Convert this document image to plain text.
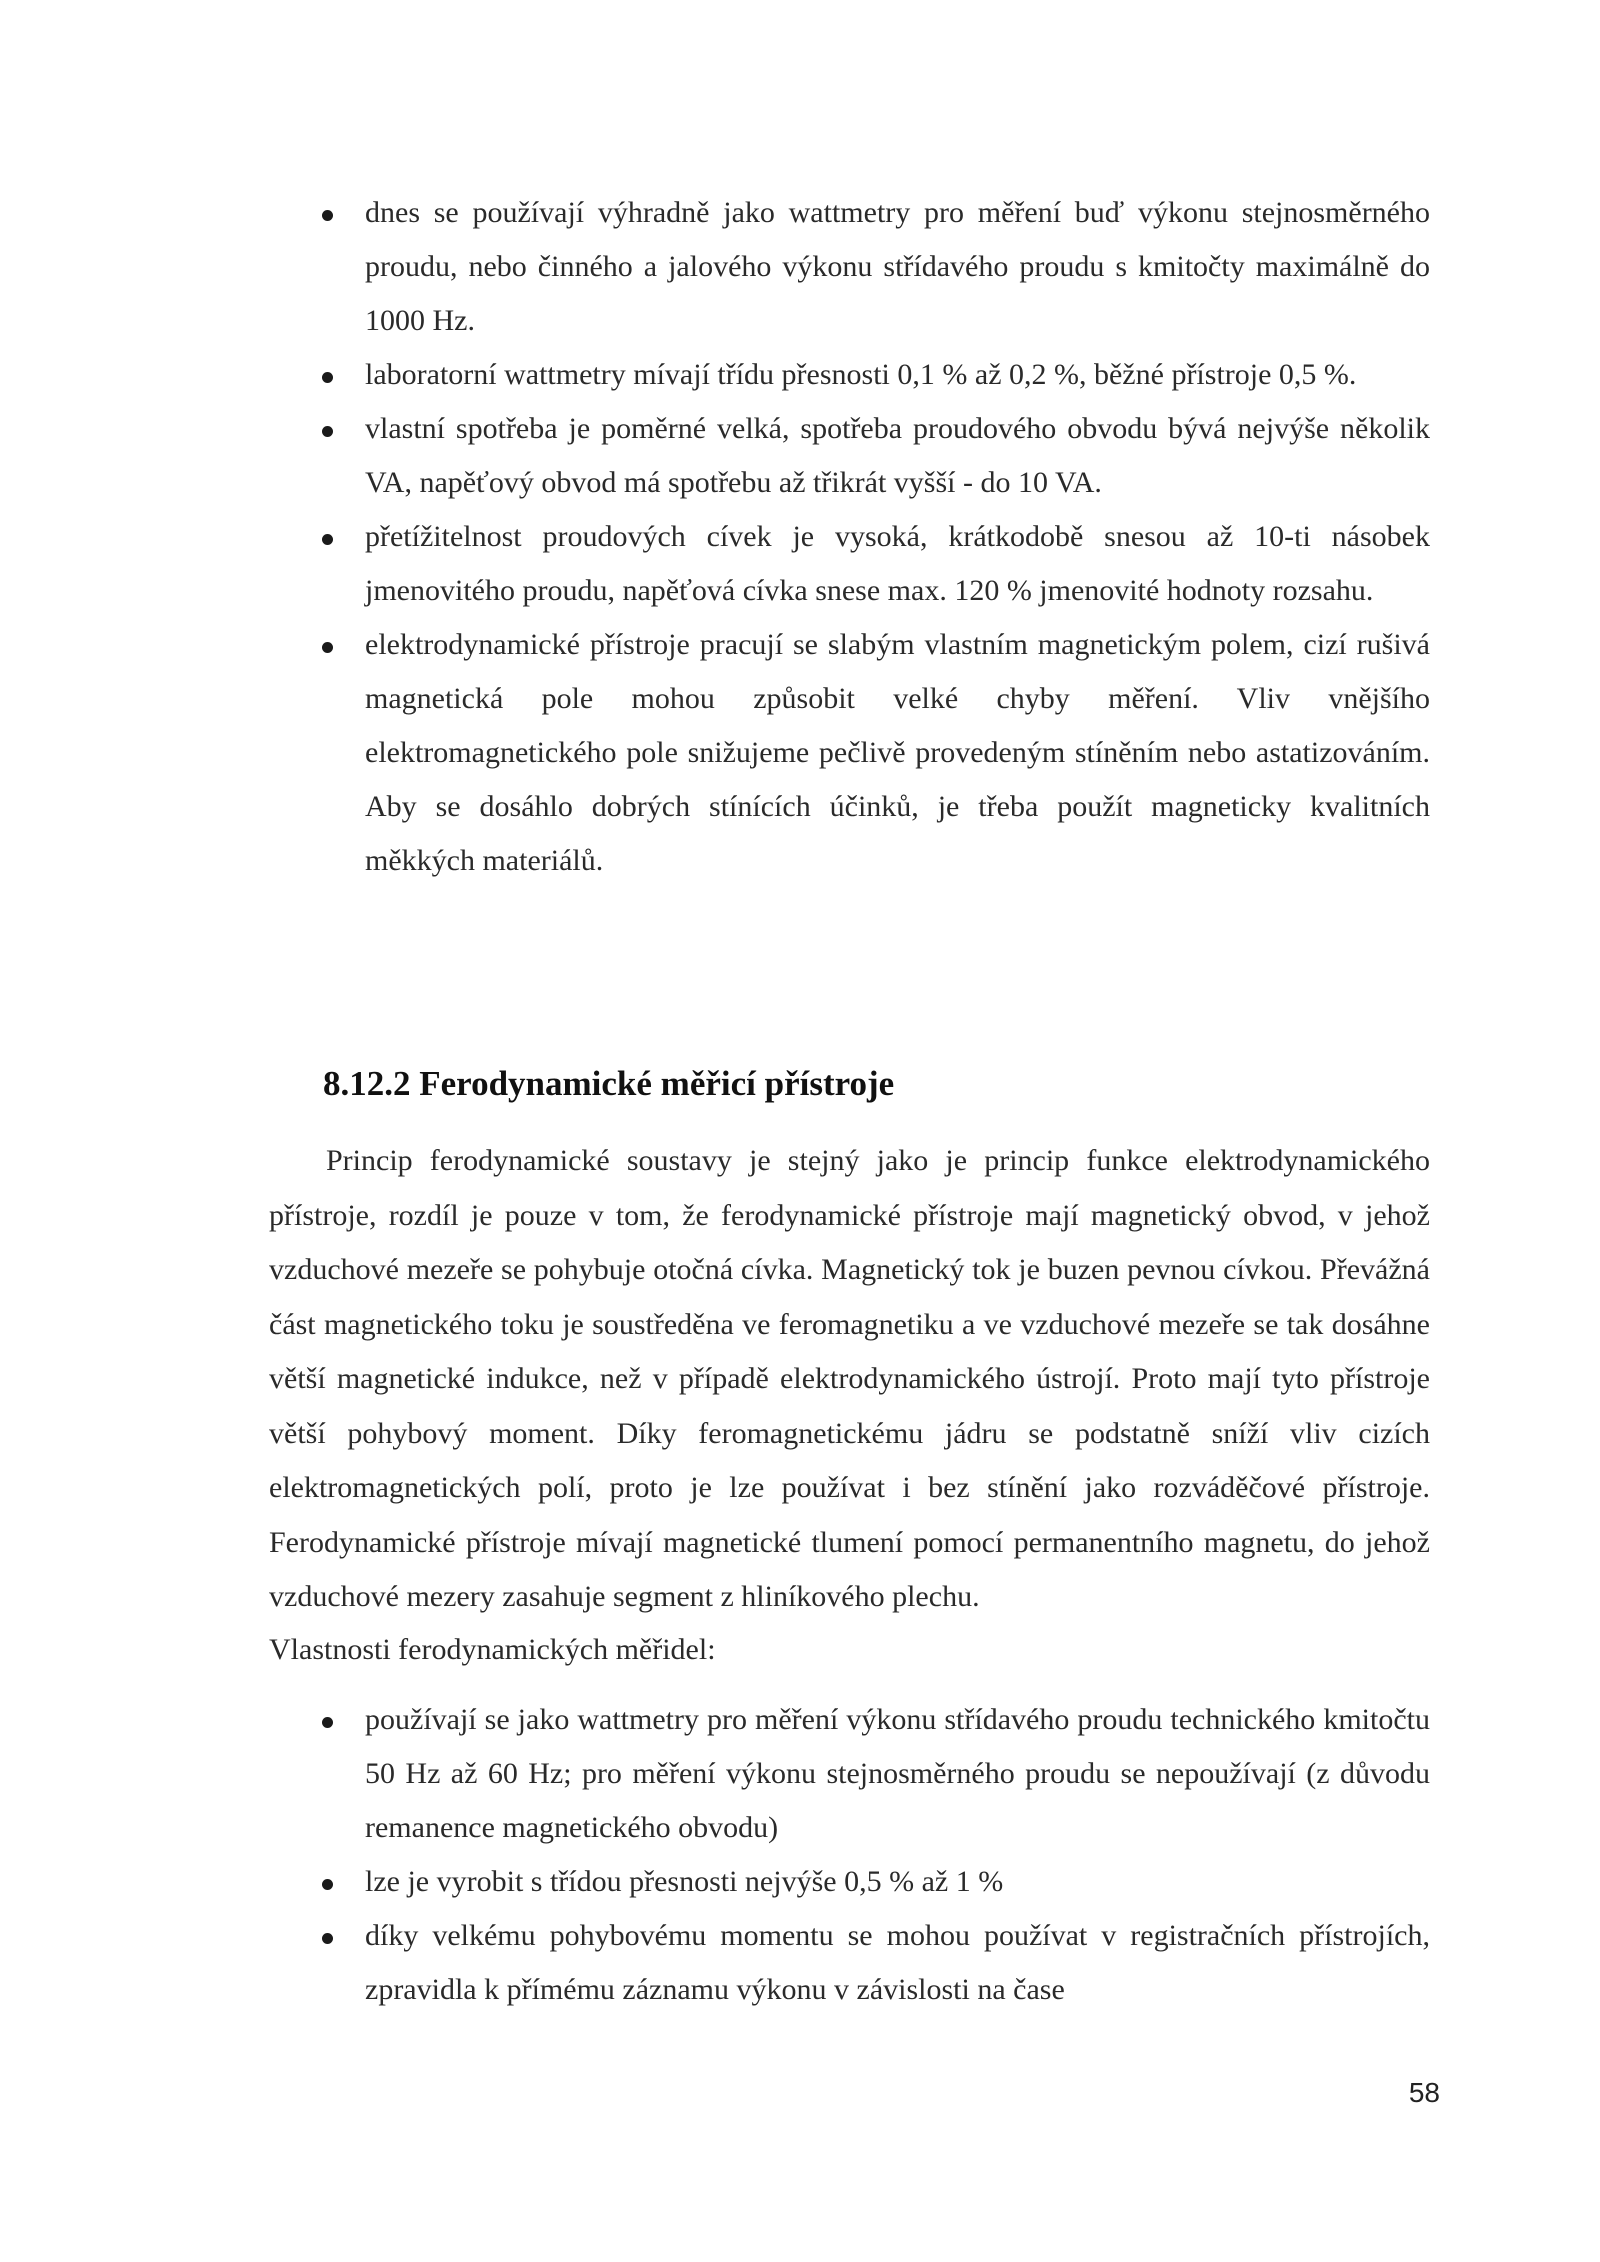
dnes se používají výhradně jako wattmetry pro měření buď výkonu stejnosměrného proudu, nebo činného a jalového výkonu střídavého proudu s kmitočty maximálně do 1000 Hz.
laboratorní wattmetry mívají třídu přesnosti 0,1 % až 0,2 %, běžné přístroje 0,5 %.
vlastní spotřeba je poměrné velká, spotřeba proudového obvodu bývá nejvýše několik VA, napěťový obvod má spotřebu až třikrát vyšší - do 10 VA.
přetížitelnost proudových cívek je vysoká, krátkodobě snesou až 10-ti násobek jmenovitého proudu, napěťová cívka snese max. 120 % jmenovité hodnoty rozsahu.
elektrodynamické přístroje pracují se slabým vlastním magnetickým polem, cizí rušivá magnetická pole mohou způsobit velké chyby měření. Vliv vnějšího elektromagnetického pole snižujeme pečlivě provedeným stíněním nebo astatizováním. Aby se dosáhlo dobrých stínících účinků, je třeba použít magneticky kvalitních měkkých materiálů.
8.12.2 Ferodynamické měřicí přístroje

Princip ferodynamické soustavy je stejný jako je princip funkce elektrodynamického přístroje, rozdíl je pouze v tom, že ferodynamické přístroje mají magnetický obvod, v jehož vzduchové mezeře se pohybuje otočná cívka. Magnetický tok je buzen pevnou cívkou. Převážná část magnetického toku je soustředěna ve feromagnetiku a ve vzduchové mezeře se tak dosáhne větší magnetické indukce, než v případě elektrodynamického ústrojí. Proto mají tyto přístroje větší pohybový moment. Díky feromagnetickému jádru se podstatně sníží vliv cizích elektromagnetických polí, proto je lze používat i bez stínění jako rozváděčové přístroje. Ferodynamické přístroje mívají magnetické tlumení pomocí permanentního magnetu, do jehož vzduchové mezery zasahuje segment z hliníkového plechu.

Vlastnosti ferodynamických měřidel:

používají se jako wattmetry pro měření výkonu střídavého proudu technického kmitočtu 50 Hz až 60 Hz; pro měření výkonu stejnosměrného proudu se nepoužívají (z důvodu remanence magnetického obvodu)
lze je vyrobit s třídou přesnosti nejvýše 0,5 % až 1 %
díky velkému pohybovému momentu se mohou používat v registračních přístrojích, zpravidla k přímému záznamu výkonu v závislosti na čase
58
